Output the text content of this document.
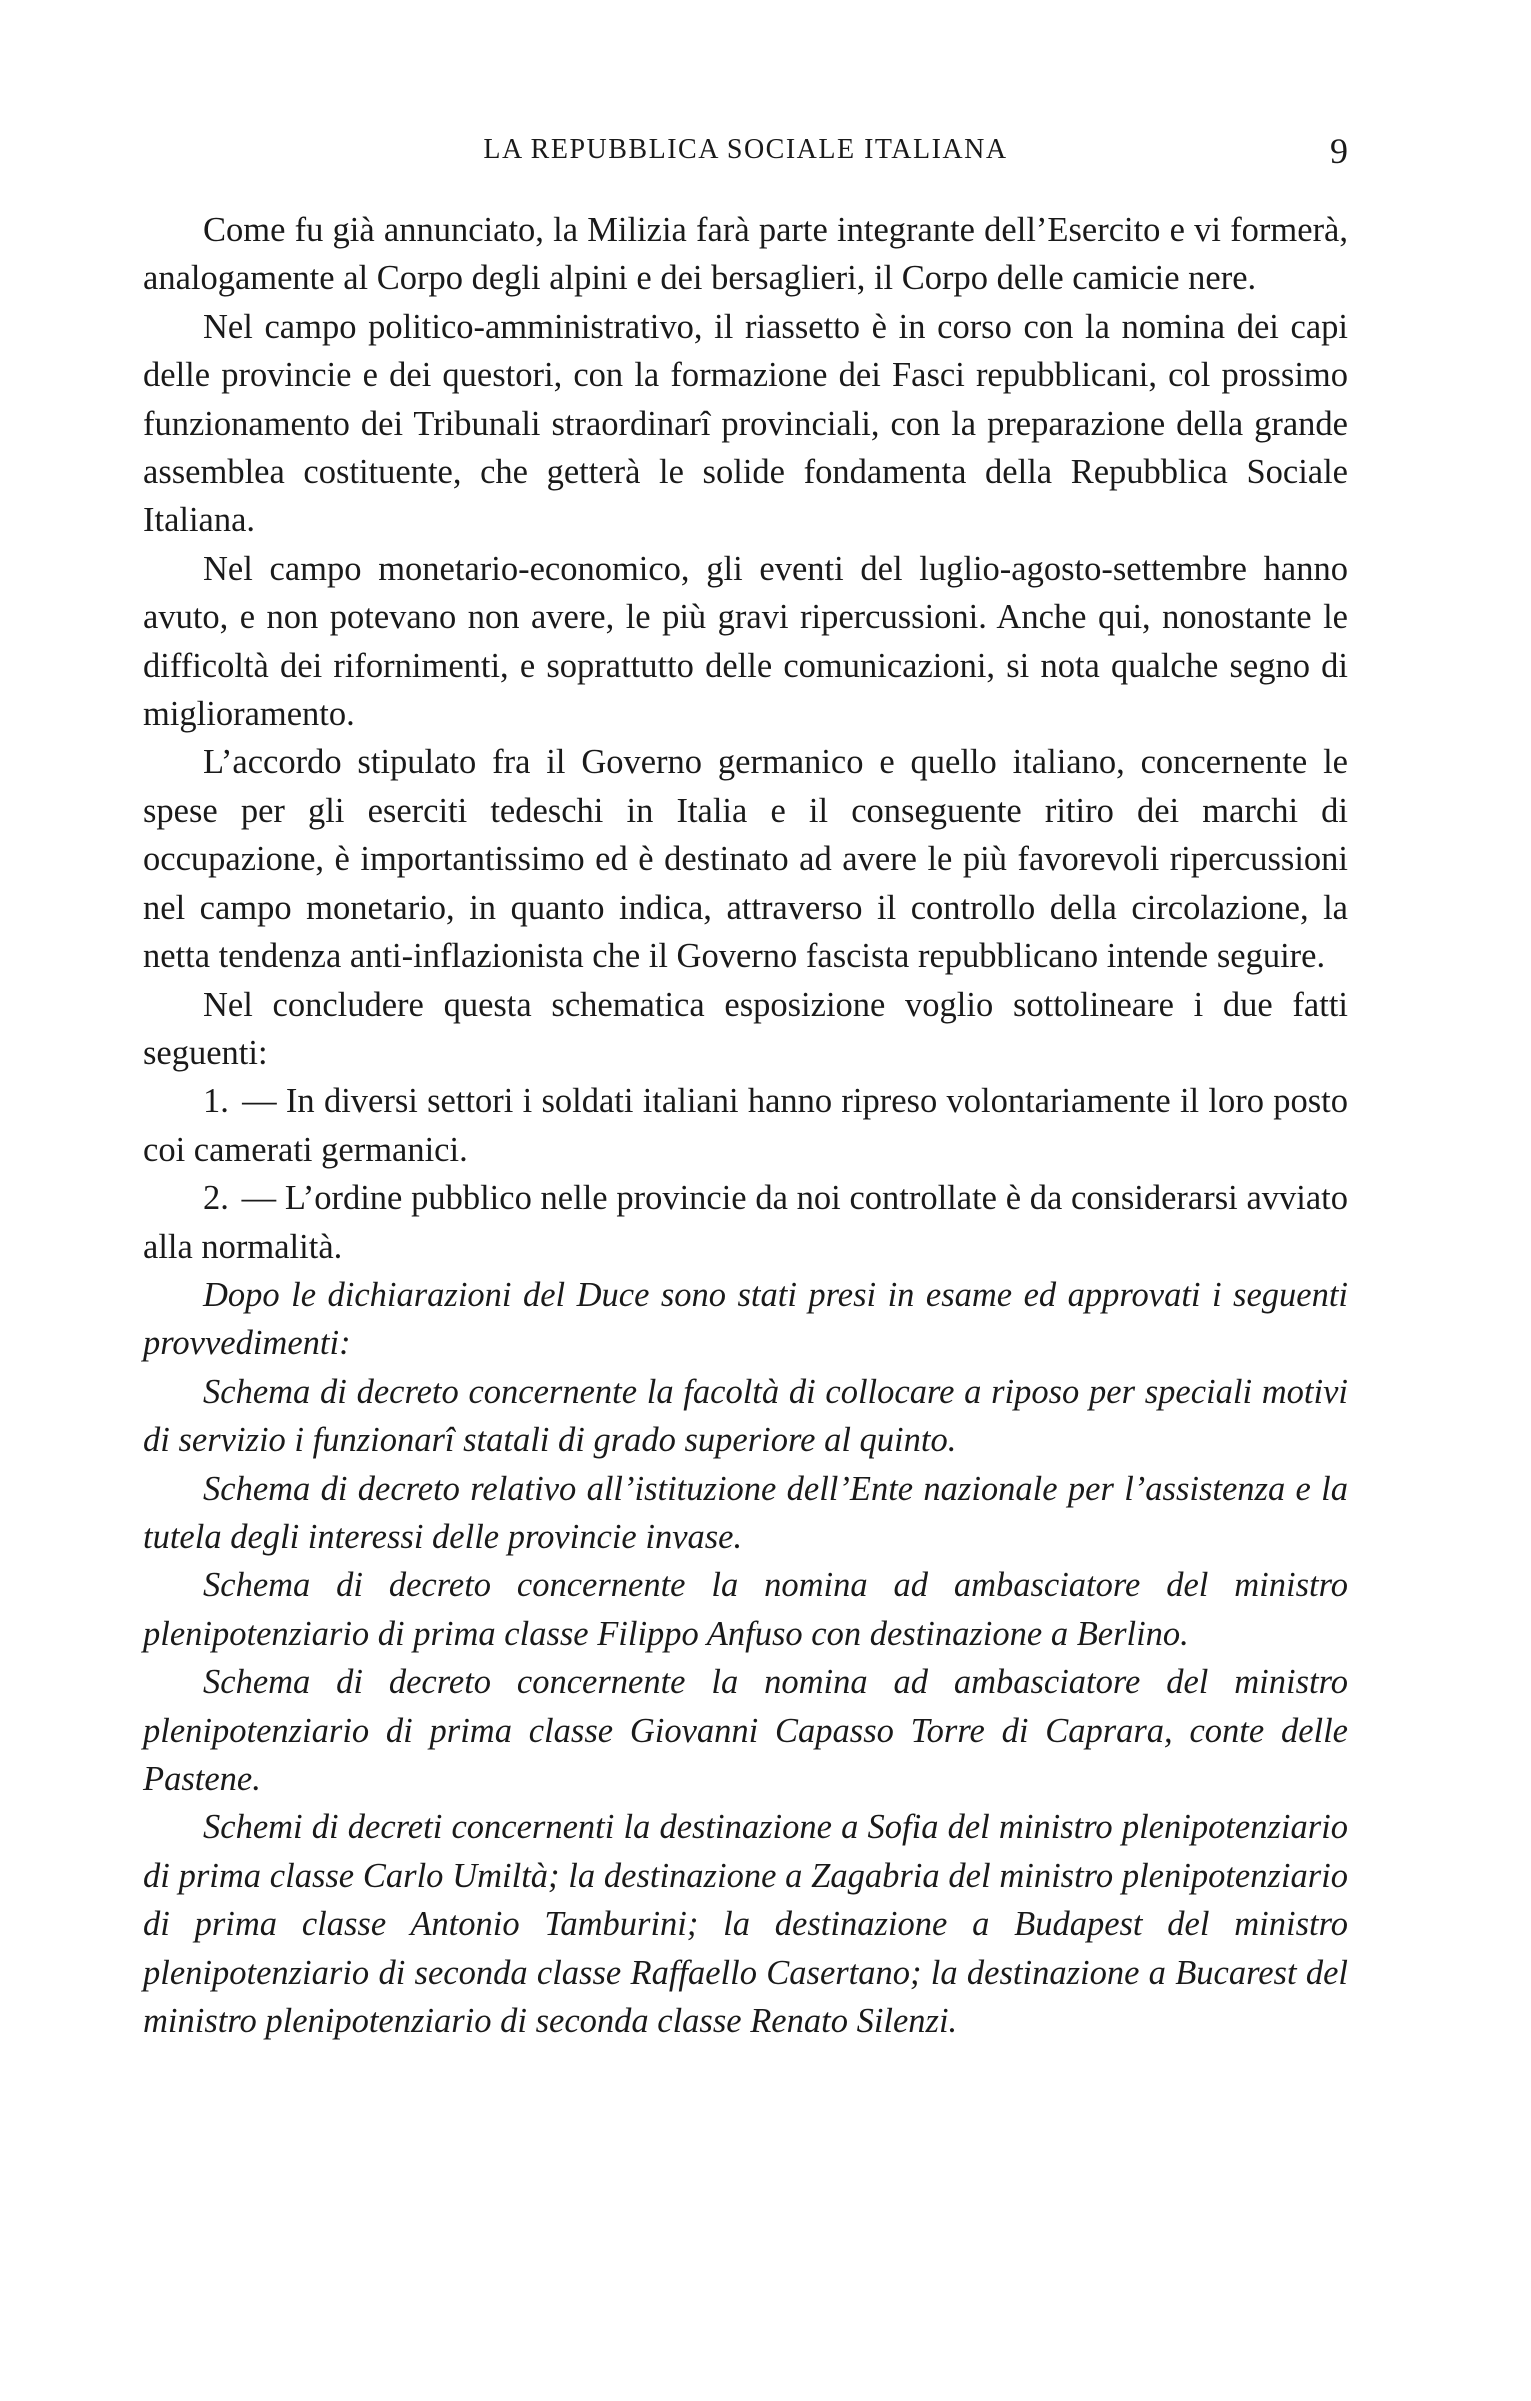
LA REPUBBLICA SOCIALE ITALIANA	9

Come fu già annunciato, la Milizia farà parte integrante dell’Esercito e vi formerà, analogamente al Corpo degli alpini e dei bersaglieri, il Corpo delle camicie nere.

Nel campo politico-amministrativo, il riassetto è in corso con la nomina dei capi delle provincie e dei questori, con la formazione dei Fasci repubblicani, col prossimo funzionamento dei Tribunali straordinarî provinciali, con la preparazione della grande assemblea costituente, che getterà le solide fondamenta della Repubblica Sociale Italiana.

Nel campo monetario-economico, gli eventi del luglio-agosto-settembre hanno avuto, e non potevano non avere, le più gravi ripercussioni. Anche qui, nonostante le difficoltà dei rifornimenti, e soprattutto delle comunicazioni, si nota qualche segno di miglioramento.

L’accordo stipulato fra il Governo germanico e quello italiano, concernente le spese per gli eserciti tedeschi in Italia e il conseguente ritiro dei marchi di occupazione, è importantissimo ed è destinato ad avere le più favorevoli ripercussioni nel campo monetario, in quanto indica, attraverso il controllo della circolazione, la netta tendenza anti-inflazionista che il Governo fascista repubblicano intende seguire.

Nel concludere questa schematica esposizione voglio sottolineare i due fatti seguenti:

1. — In diversi settori i soldati italiani hanno ripreso volontariamente il loro posto coi camerati germanici.

2. — L’ordine pubblico nelle provincie da noi controllate è da considerarsi avviato alla normalità.

Dopo le dichiarazioni del Duce sono stati presi in esame ed approvati i seguenti provvedimenti:

Schema di decreto concernente la facoltà di collocare a riposo per speciali motivi di servizio i funzionarî statali di grado superiore al quinto.

Schema di decreto relativo all’istituzione dell’Ente nazionale per l’assistenza e la tutela degli interessi delle provincie invase.

Schema di decreto concernente la nomina ad ambasciatore del ministro plenipotenziario di prima classe Filippo Anfuso con destinazione a Berlino.

Schema di decreto concernente la nomina ad ambasciatore del ministro plenipotenziario di prima classe Giovanni Capasso Torre di Caprara, conte delle Pastene.

Schemi di decreti concernenti la destinazione a Sofia del ministro plenipotenziario di prima classe Carlo Umiltà; la destinazione a Zagabria del ministro plenipotenziario di prima classe Antonio Tamburini; la destinazione a Budapest del ministro plenipotenziario di seconda classe Raffaello Casertano; la destinazione a Bucarest del ministro plenipotenziario di seconda classe Renato Silenzi.
